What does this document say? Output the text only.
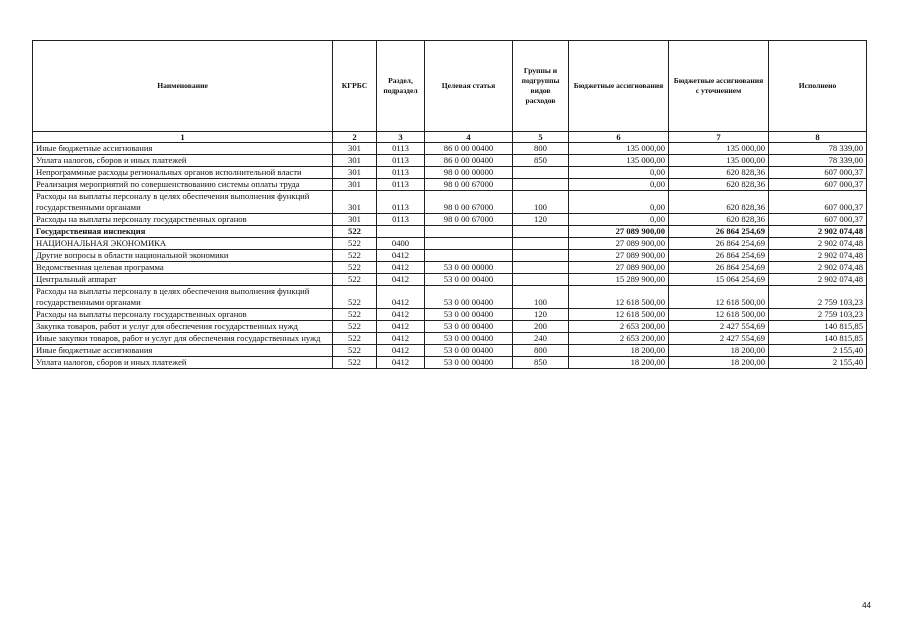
Наименование	КГРБС	Раздел, подраздел	Целевая статья	Группы и подгруппы видов расходов	Бюджетные ассигнования	Бюджетные ассигнования с уточнением	Исполнено
1	2	3	4	5	6	7	8
Иные бюджетные ассигнования	301	0113	86 0 00 00400	800	135 000,00	135 000,00	78 339,00
Уплата налогов, сборов и иных платежей	301	0113	86 0 00 00400	850	135 000,00	135 000,00	78 339,00
Непрограммные расходы региональных органов исполнительной власти	301	0113	98 0 00 00000		0,00	620 828,36	607 000,37
Реализация мероприятий по совершенствованию системы оплаты труда	301	0113	98 0 00 67000		0,00	620 828,36	607 000,37
Расходы на выплаты персоналу в целях обеспечения выполнения функций государственными органами	301	0113	98 0 00 67000	100	0,00	620 828,36	607 000,37
Расходы на выплаты персоналу государственных органов	301	0113	98 0 00 67000	120	0,00	620 828,36	607 000,37
Государственная инспекция	522				27 089 900,00	26 864 254,69	2 902 074,48
НАЦИОНАЛЬНАЯ ЭКОНОМИКА	522	0400			27 089 900,00	26 864 254,69	2 902 074,48
Другие вопросы в области национальной экономики	522	0412			27 089 900,00	26 864 254,69	2 902 074,48
Ведомственная целевая программа	522	0412	53 0 00 00000		27 089 900,00	26 864 254,69	2 902 074,48
Центральный аппарат	522	0412	53 0 00 00400		15 289 900,00	15 064 254,69	2 902 074,48
Расходы на выплаты персоналу в целях обеспечения выполнения функций государственными органами	522	0412	53 0 00 00400	100	12 618 500,00	12 618 500,00	2 759 103,23
Расходы на выплаты персоналу государственных органов	522	0412	53 0 00 00400	120	12 618 500,00	12 618 500,00	2 759 103,23
Закупка товаров, работ и услуг для обеспечения государственных нужд	522	0412	53 0 00 00400	200	2 653 200,00	2 427 554,69	140 815,85
Иные закупки товаров, работ и услуг для обеспечения государственных нужд	522	0412	53 0 00 00400	240	2 653 200,00	2 427 554,69	140 815,85
Иные бюджетные ассигнования	522	0412	53 0 00 00400	800	18 200,00	18 200,00	2 155,40
Уплата налогов, сборов и иных платежей	522	0412	53 0 00 00400	850	18 200,00	18 200,00	2 155,40
44
